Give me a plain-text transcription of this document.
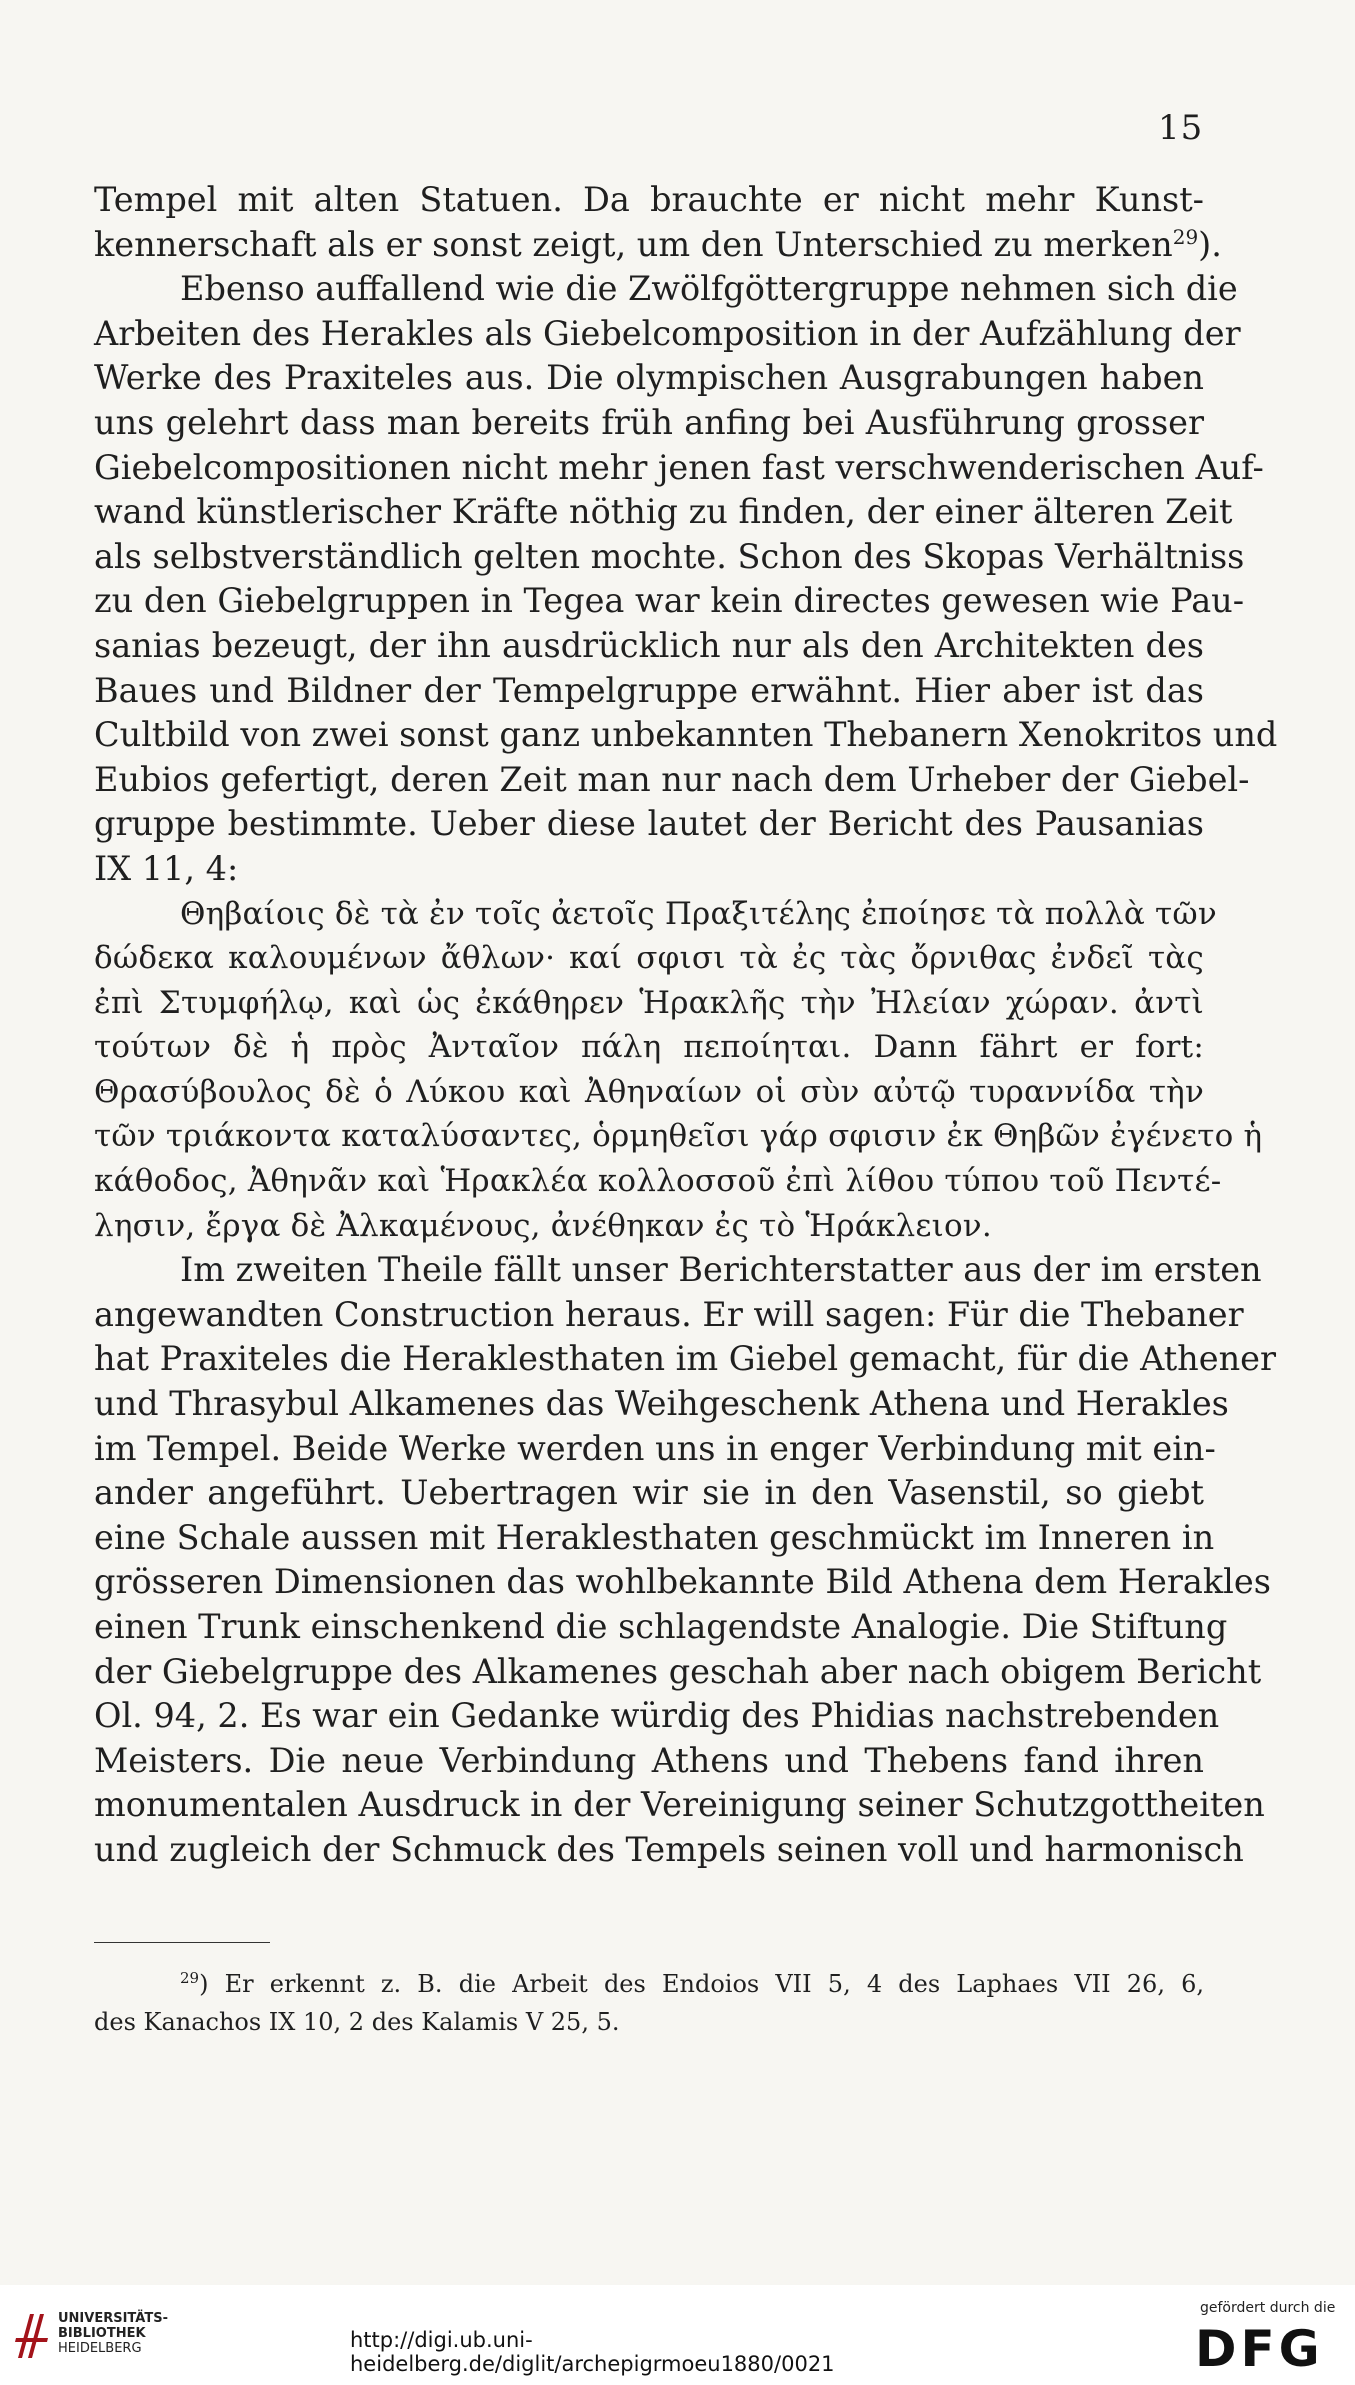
15
Tempel mit alten Statuen. Da brauchte er nicht mehr Kunst-
kennerschaft als er sonst zeigt, um den Unterschied zu merken$^{29}$).
Ebenso auffallend wie die Zwölfgöttergruppe nehmen sich die
Arbeiten des Herakles als Giebelcomposition in der Aufzählung der
Werke des Praxiteles aus. Die olympischen Ausgrabungen haben
uns gelehrt dass man bereits früh anfing bei Ausführung grosser
Giebelcompositionen nicht mehr jenen fast verschwenderischen Auf-
wand künstlerischer Kräfte nöthig zu finden, der einer älteren Zeit
als selbstverständlich gelten mochte. Schon des Skopas Verhältniss
zu den Giebelgruppen in Tegea war kein directes gewesen wie Pau-
sanias bezeugt, der ihn ausdrücklich nur als den Architekten des
Baues und Bildner der Tempelgruppe erwähnt. Hier aber ist das
Cultbild von zwei sonst ganz unbekannten Thebanern Xenokritos und
Eubios gefertigt, deren Zeit man nur nach dem Urheber der Giebel-
gruppe bestimmte. Ueber diese lautet der Bericht des Pausanias
IX 11, 4:
Θηβαίοις δὲ τὰ ἐν τοῖς ἀετοῖς Πραξιτέλης ἐποίησε τὰ πολλὰ τῶν
δώδεκα καλουμένων ἄθλων· καί σφισι τὰ ἐς τὰς ὄρνιθας ἐνδεῖ τὰς
ἐπὶ Στυμφήλῳ, καὶ ὡς ἐκάθηρεν Ἡρακλῆς τὴν Ἠλείαν χώραν. ἀντὶ
τούτων δὲ ἡ πρὸς Ἀνταῖον πάλη πεποίηται. Dann fährt er fort:
Θρασύβουλος δὲ ὁ Λύκου καὶ Ἀθηναίων οἱ σὺν αὐτῷ τυραννίδα τὴν
τῶν τριάκοντα καταλύσαντες, ὁρμηθεῖσι γάρ σφισιν ἐκ Θηβῶν ἐγένετο ἡ
κάθοδος, Ἀθηνᾶν καὶ Ἡρακλέα κολλοσσοῦ ἐπὶ λίθου τύπου τοῦ Πεντέ-
λησιν, ἔργα δὲ Ἀλκαμένους, ἀνέθηκαν ἐς τὸ Ἡράκλειον.
Im zweiten Theile fällt unser Berichterstatter aus der im ersten
angewandten Construction heraus. Er will sagen: Für die Thebaner
hat Praxiteles die Heraklesthaten im Giebel gemacht, für die Athener
und Thrasybul Alkamenes das Weihgeschenk Athena und Herakles
im Tempel. Beide Werke werden uns in enger Verbindung mit ein-
ander angeführt. Uebertragen wir sie in den Vasenstil, so giebt
eine Schale aussen mit Heraklesthaten geschmückt im Inneren in
grösseren Dimensionen das wohlbekannte Bild Athena dem Herakles
einen Trunk einschenkend die schlagendste Analogie. Die Stiftung
der Giebelgruppe des Alkamenes geschah aber nach obigem Bericht
Ol. 94, 2. Es war ein Gedanke würdig des Phidias nachstrebenden
Meisters. Die neue Verbindung Athens und Thebens fand ihren
monumentalen Ausdruck in der Vereinigung seiner Schutzgottheiten
und zugleich der Schmuck des Tempels seinen voll und harmonisch
$^{29}$) Er erkennt z. B. die Arbeit des Endoios VII 5, 4 des Laphaes VII 26, 6,
des Kanachos IX 10, 2 des Kalamis V 25, 5.
UNIVERSITÄTS-
BIBLIOTHEK
HEIDELBERG	http://digi.ub.uni-heidelberg.de/diglit/archepigrmoeu1880/0021
gefördert durch die
DFG
